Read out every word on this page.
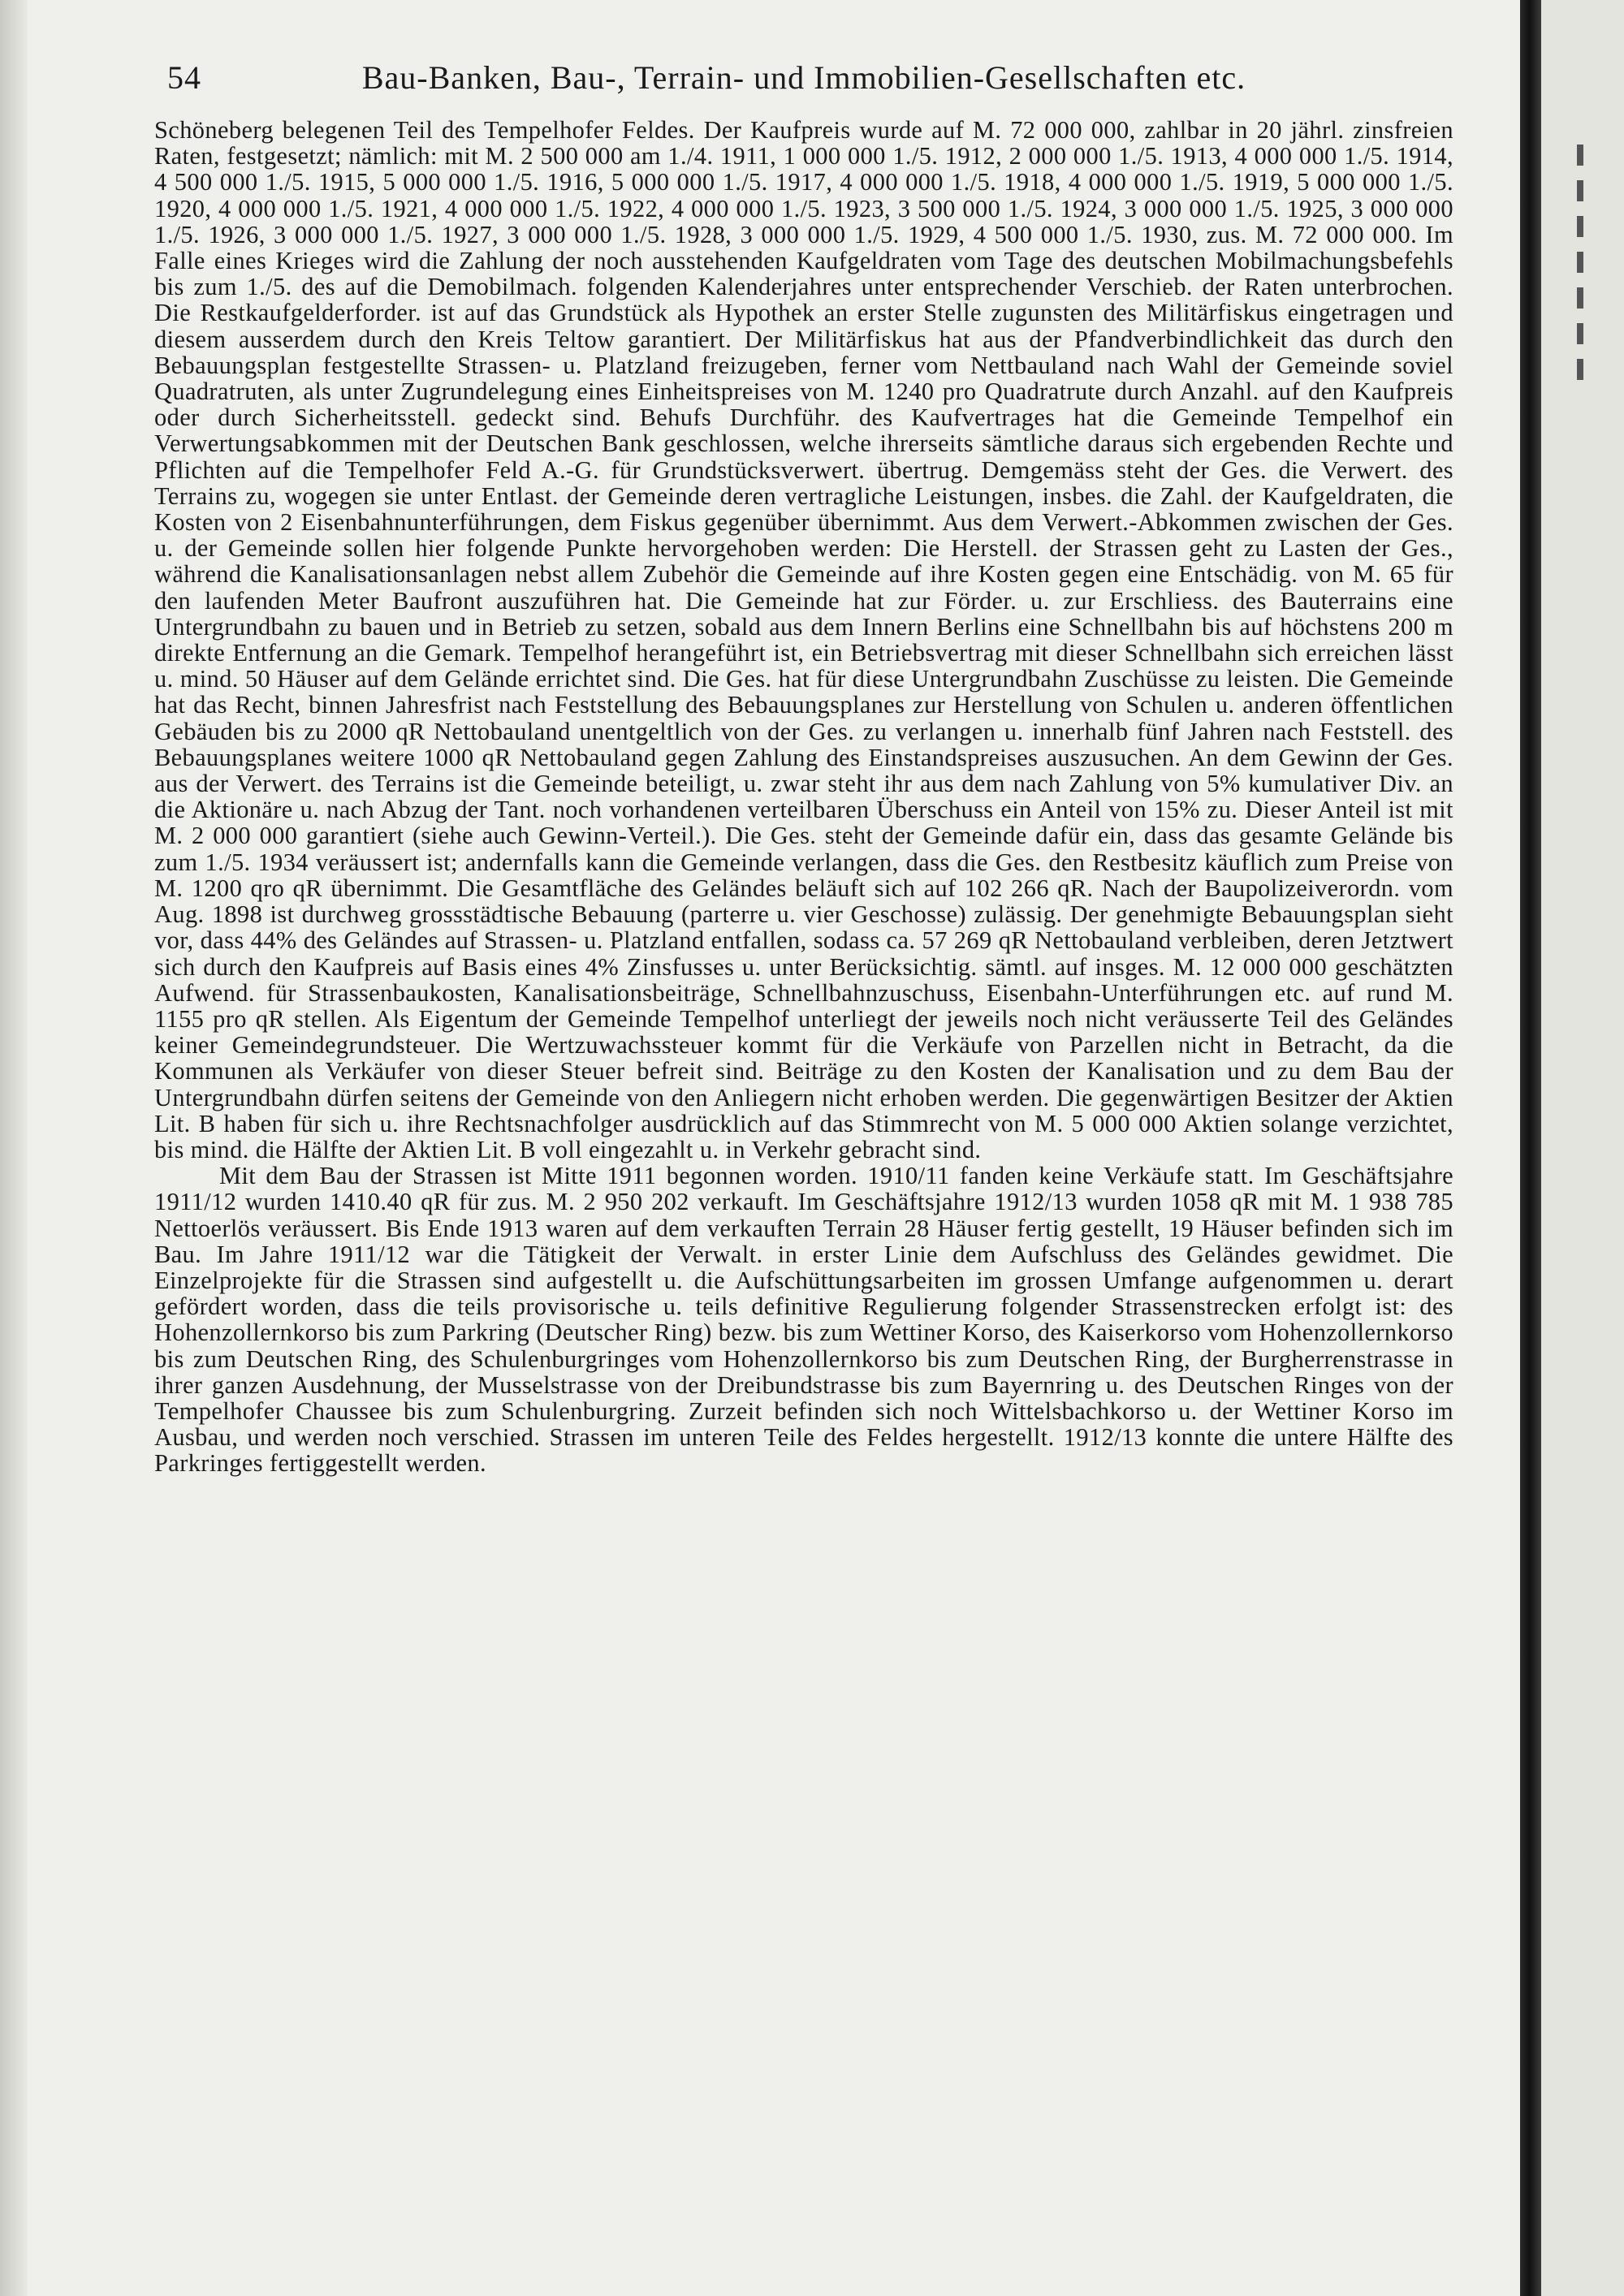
54	Bau-Banken, Bau-, Terrain- und Immobilien-Gesellschaften etc.

Schöneberg belegenen Teil des Tempelhofer Feldes. Der Kaufpreis wurde auf M. 72 000 000, zahlbar in 20 jährl. zinsfreien Raten, festgesetzt; nämlich: mit M. 2 500 000 am 1./4. 1911, 1 000 000 1./5. 1912, 2 000 000 1./5. 1913, 4 000 000 1./5. 1914, 4 500 000 1./5. 1915, 5 000 000 1./5. 1916, 5 000 000 1./5. 1917, 4 000 000 1./5. 1918, 4 000 000 1./5. 1919, 5 000 000 1./5. 1920, 4 000 000 1./5. 1921, 4 000 000 1./5. 1922, 4 000 000 1./5. 1923, 3 500 000 1./5. 1924, 3 000 000 1./5. 1925, 3 000 000 1./5. 1926, 3 000 000 1./5. 1927, 3 000 000 1./5. 1928, 3 000 000 1./5. 1929, 4 500 000 1./5. 1930, zus. M. 72 000 000. Im Falle eines Krieges wird die Zahlung der noch ausstehenden Kaufgeldraten vom Tage des deutschen Mobilmachungsbefehls bis zum 1./5. des auf die Demobilmach. folgenden Kalenderjahres unter entsprechender Verschieb. der Raten unterbrochen. Die Restkaufgelderforder. ist auf das Grundstück als Hypothek an erster Stelle zugunsten des Militärfiskus eingetragen und diesem ausserdem durch den Kreis Teltow garantiert. Der Militärfiskus hat aus der Pfandverbindlichkeit das durch den Bebauungsplan festgestellte Strassen- u. Platzland freizugeben, ferner vom Nettbauland nach Wahl der Gemeinde soviel Quadratruten, als unter Zugrundelegung eines Einheitspreises von M. 1240 pro Quadratrute durch Anzahl. auf den Kaufpreis oder durch Sicherheitsstell. gedeckt sind. Behufs Durchführ. des Kaufvertrages hat die Gemeinde Tempelhof ein Verwertungsabkommen mit der Deutschen Bank geschlossen, welche ihrerseits sämtliche daraus sich ergebenden Rechte und Pflichten auf die Tempelhofer Feld A.-G. für Grundstücksverwert. übertrug. Demgemäss steht der Ges. die Verwert. des Terrains zu, wogegen sie unter Entlast. der Gemeinde deren vertragliche Leistungen, insbes. die Zahl. der Kaufgeldraten, die Kosten von 2 Eisenbahnunterführungen, dem Fiskus gegenüber übernimmt. Aus dem Verwert.-Abkommen zwischen der Ges. u. der Gemeinde sollen hier folgende Punkte hervorgehoben werden: Die Herstell. der Strassen geht zu Lasten der Ges., während die Kanalisationsanlagen nebst allem Zubehör die Gemeinde auf ihre Kosten gegen eine Entschädig. von M. 65 für den laufenden Meter Baufront auszuführen hat. Die Gemeinde hat zur Förder. u. zur Erschliess. des Bauterrains eine Untergrundbahn zu bauen und in Betrieb zu setzen, sobald aus dem Innern Berlins eine Schnellbahn bis auf höchstens 200 m direkte Entfernung an die Gemark. Tempelhof herangeführt ist, ein Betriebsvertrag mit dieser Schnellbahn sich erreichen lässt u. mind. 50 Häuser auf dem Gelände errichtet sind. Die Ges. hat für diese Untergrundbahn Zuschüsse zu leisten. Die Gemeinde hat das Recht, binnen Jahresfrist nach Feststellung des Bebauungsplanes zur Herstellung von Schulen u. anderen öffentlichen Gebäuden bis zu 2000 qR Nettobauland unentgeltlich von der Ges. zu verlangen u. innerhalb fünf Jahren nach Feststell. des Bebauungsplanes weitere 1000 qR Nettobauland gegen Zahlung des Einstandspreises auszusuchen. An dem Gewinn der Ges. aus der Verwert. des Terrains ist die Gemeinde beteiligt, u. zwar steht ihr aus dem nach Zahlung von 5% kumulativer Div. an die Aktionäre u. nach Abzug der Tant. noch vorhandenen verteilbaren Überschuss ein Anteil von 15% zu. Dieser Anteil ist mit M. 2 000 000 garantiert (siehe auch Gewinn-Verteil.). Die Ges. steht der Gemeinde dafür ein, dass das gesamte Gelände bis zum 1./5. 1934 veräussert ist; andernfalls kann die Gemeinde verlangen, dass die Ges. den Restbesitz käuflich zum Preise von M. 1200 qro qR übernimmt. Die Gesamtfläche des Geländes beläuft sich auf 102 266 qR. Nach der Baupolizeiverordn. vom Aug. 1898 ist durchweg grossstädtische Bebauung (parterre u. vier Geschosse) zulässig. Der genehmigte Bebauungsplan sieht vor, dass 44% des Geländes auf Strassen- u. Platzland entfallen, sodass ca. 57 269 qR Nettobauland verbleiben, deren Jetztwert sich durch den Kaufpreis auf Basis eines 4% Zinsfusses u. unter Berücksichtig. sämtl. auf insges. M. 12 000 000 geschätzten Aufwend. für Strassenbaukosten, Kanalisationsbeiträge, Schnellbahnzuschuss, Eisenbahn-Unterführungen etc. auf rund M. 1155 pro qR stellen. Als Eigentum der Gemeinde Tempelhof unterliegt der jeweils noch nicht veräusserte Teil des Geländes keiner Gemeindegrundsteuer. Die Wertzuwachssteuer kommt für die Verkäufe von Parzellen nicht in Betracht, da die Kommunen als Verkäufer von dieser Steuer befreit sind. Beiträge zu den Kosten der Kanalisation und zu dem Bau der Untergrundbahn dürfen seitens der Gemeinde von den Anliegern nicht erhoben werden. Die gegenwärtigen Besitzer der Aktien Lit. B haben für sich u. ihre Rechtsnachfolger ausdrücklich auf das Stimmrecht von M. 5 000 000 Aktien solange verzichtet, bis mind. die Hälfte der Aktien Lit. B voll eingezahlt u. in Verkehr gebracht sind.

Mit dem Bau der Strassen ist Mitte 1911 begonnen worden. 1910/11 fanden keine Verkäufe statt. Im Geschäftsjahre 1911/12 wurden 1410.40 qR für zus. M. 2 950 202 verkauft. Im Geschäftsjahre 1912/13 wurden 1058 qR mit M. 1 938 785 Nettoerlös veräussert. Bis Ende 1913 waren auf dem verkauften Terrain 28 Häuser fertig gestellt, 19 Häuser befinden sich im Bau. Im Jahre 1911/12 war die Tätigkeit der Verwalt. in erster Linie dem Aufschluss des Geländes gewidmet. Die Einzelprojekte für die Strassen sind aufgestellt u. die Aufschüttungsarbeiten im grossen Umfange aufgenommen u. derart gefördert worden, dass die teils provisorische u. teils definitive Regulierung folgender Strassenstrecken erfolgt ist: des Hohenzollernkorso bis zum Parkring (Deutscher Ring) bezw. bis zum Wettiner Korso, des Kaiserkorso vom Hohenzollernkorso bis zum Deutschen Ring, des Schulenburgringes vom Hohenzollernkorso bis zum Deutschen Ring, der Burgherrenstrasse in ihrer ganzen Ausdehnung, der Musselstrasse von der Dreibundstrasse bis zum Bayernring u. des Deutschen Ringes von der Tempelhofer Chaussee bis zum Schulenburgring. Zurzeit befinden sich noch Wittelsbachkorso u. der Wettiner Korso im Ausbau, und werden noch verschied. Strassen im unteren Teile des Feldes hergestellt. 1912/13 konnte die untere Hälfte des Parkringes fertiggestellt werden.
